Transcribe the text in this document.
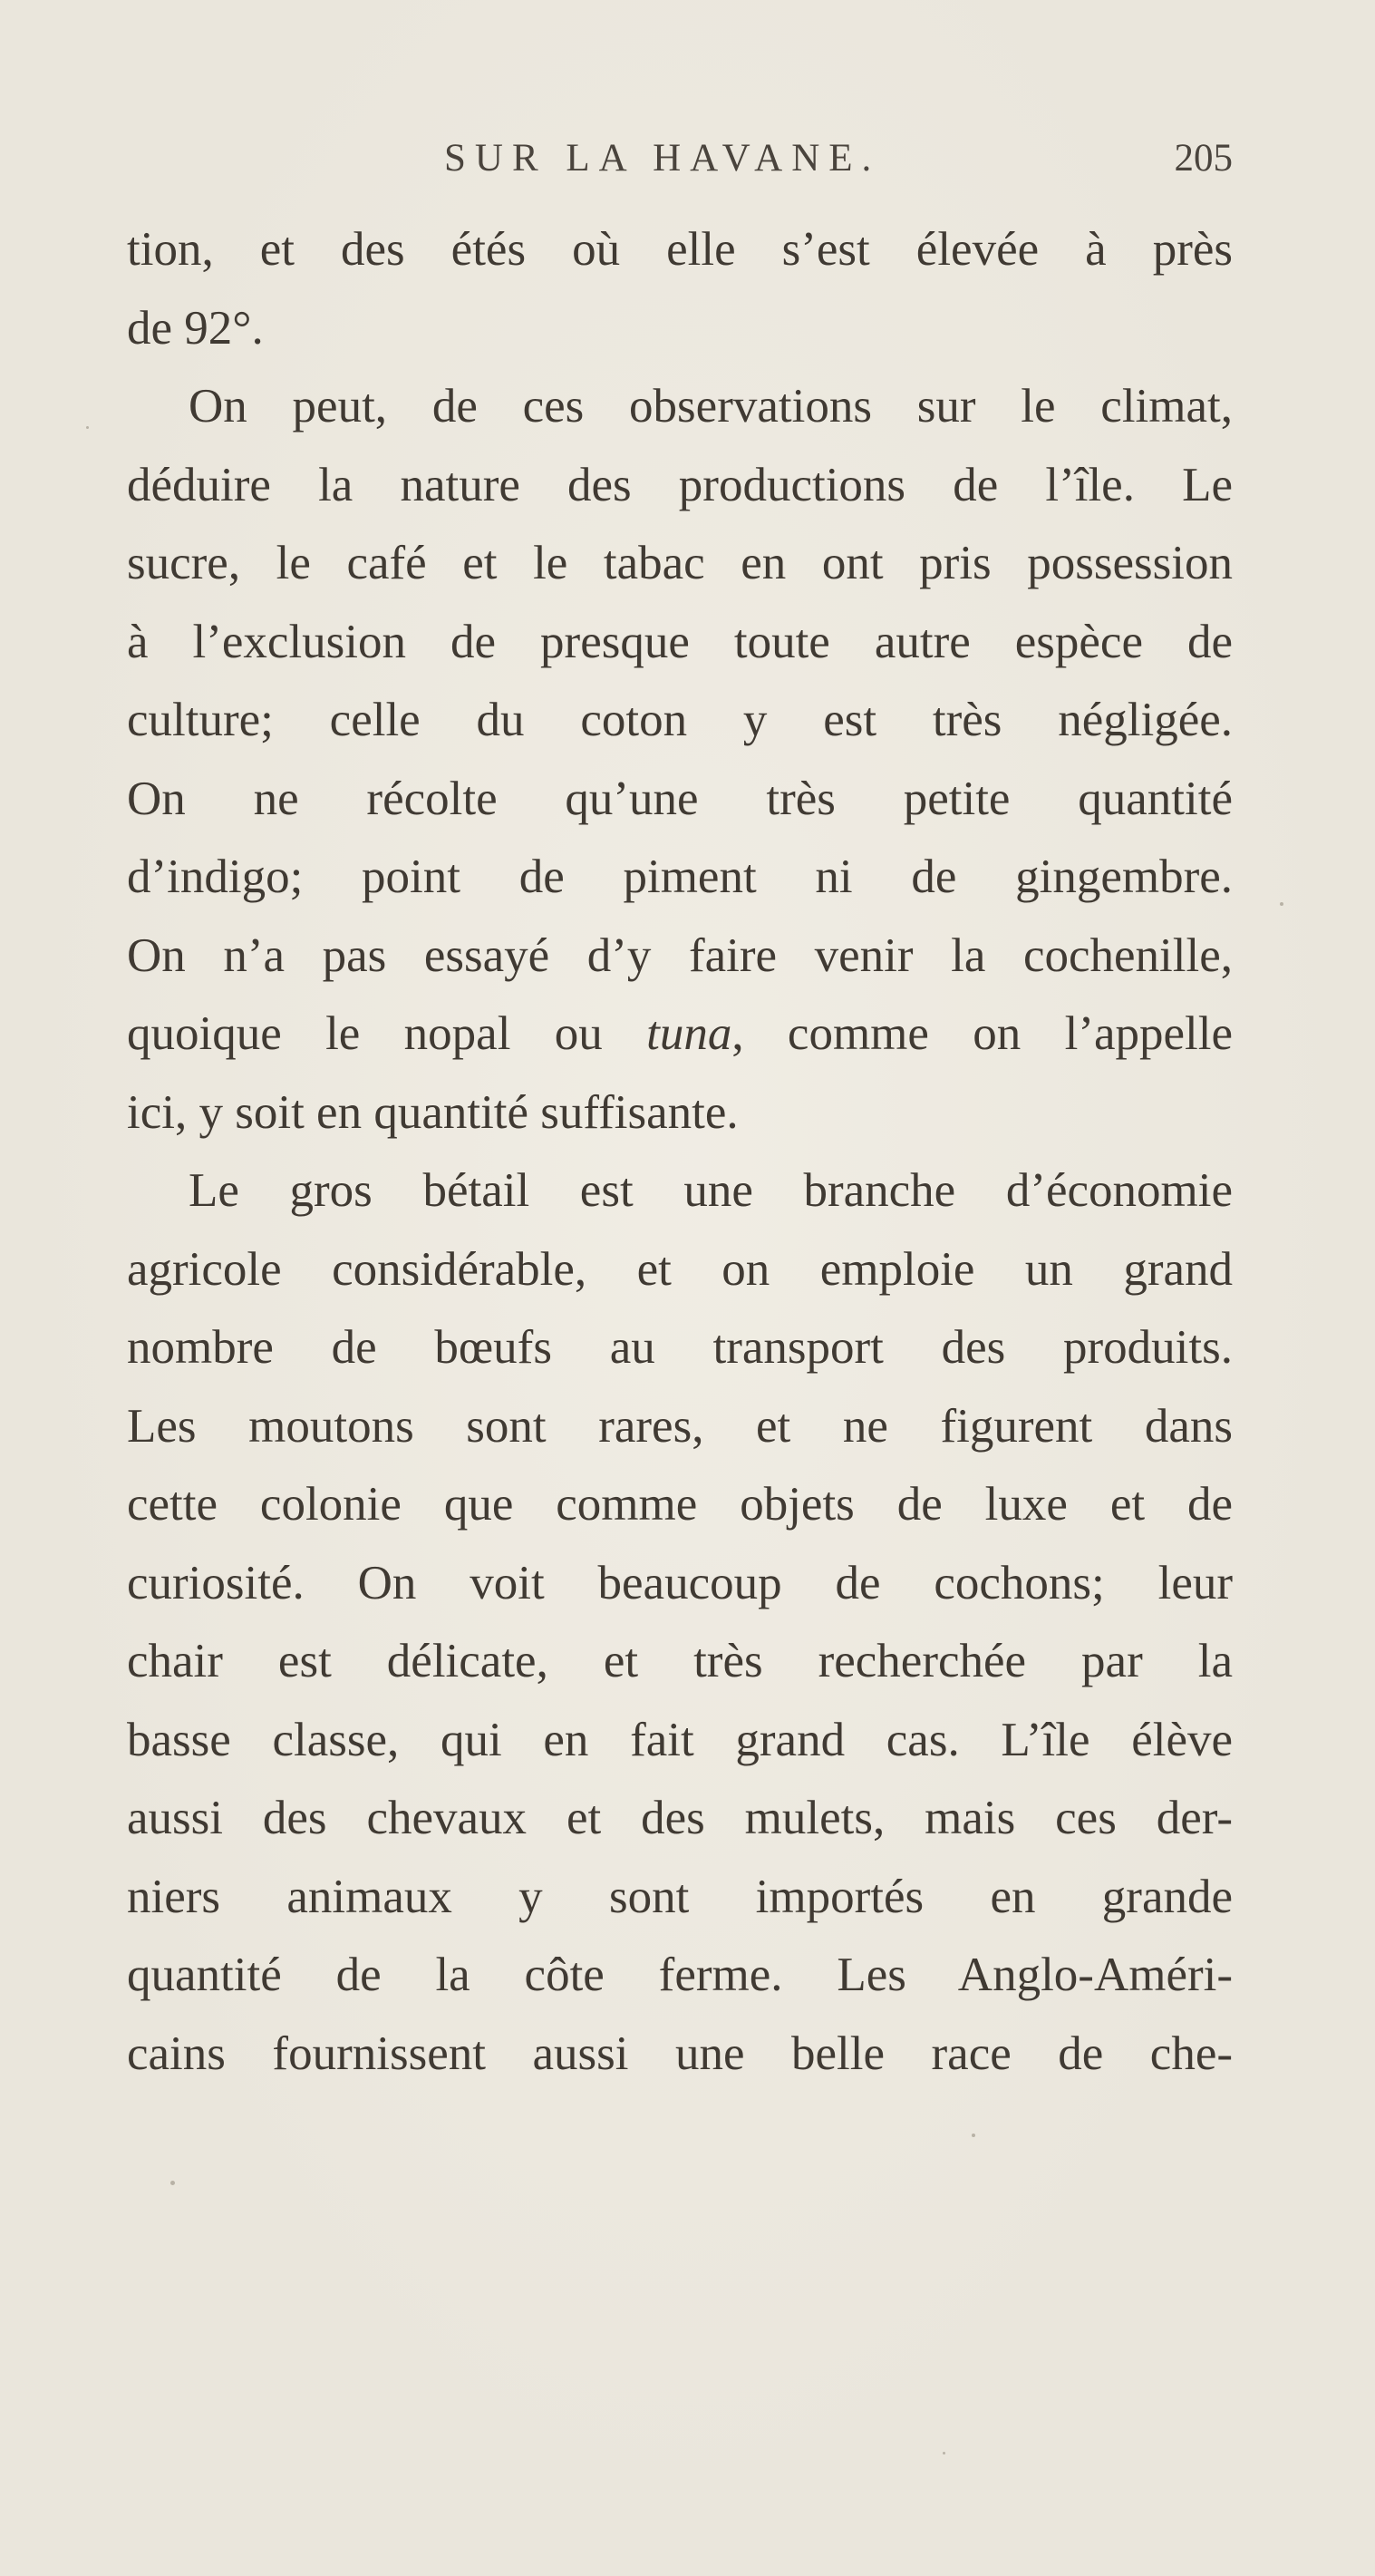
SUR LA HAVANE.	205
tion, et des étés où elle s’est élevée à près
de 92°.
On peut, de ces observations sur le climat,
déduire la nature des productions de l’île. Le
sucre, le café et le tabac en ont pris possession
à l’exclusion de presque toute autre espèce de
culture; celle du coton y est très négligée.
On ne récolte qu’une très petite quantité
d’indigo; point de piment ni de gingembre.
On n’a pas essayé d’y faire venir la cochenille,
quoique le nopal ou tuna, comme on l’appelle
ici, y soit en quantité suffisante.
Le gros bétail est une branche d’économie
agricole considérable, et on emploie un grand
nombre de bœufs au transport des produits.
Les moutons sont rares, et ne figurent dans
cette colonie que comme objets de luxe et de
curiosité. On voit beaucoup de cochons; leur
chair est délicate, et très recherchée par la
basse classe, qui en fait grand cas. L’île élève
aussi des chevaux et des mulets, mais ces der-
niers animaux y sont importés en grande
quantité de la côte ferme. Les Anglo-Améri-
cains fournissent aussi une belle race de che-
